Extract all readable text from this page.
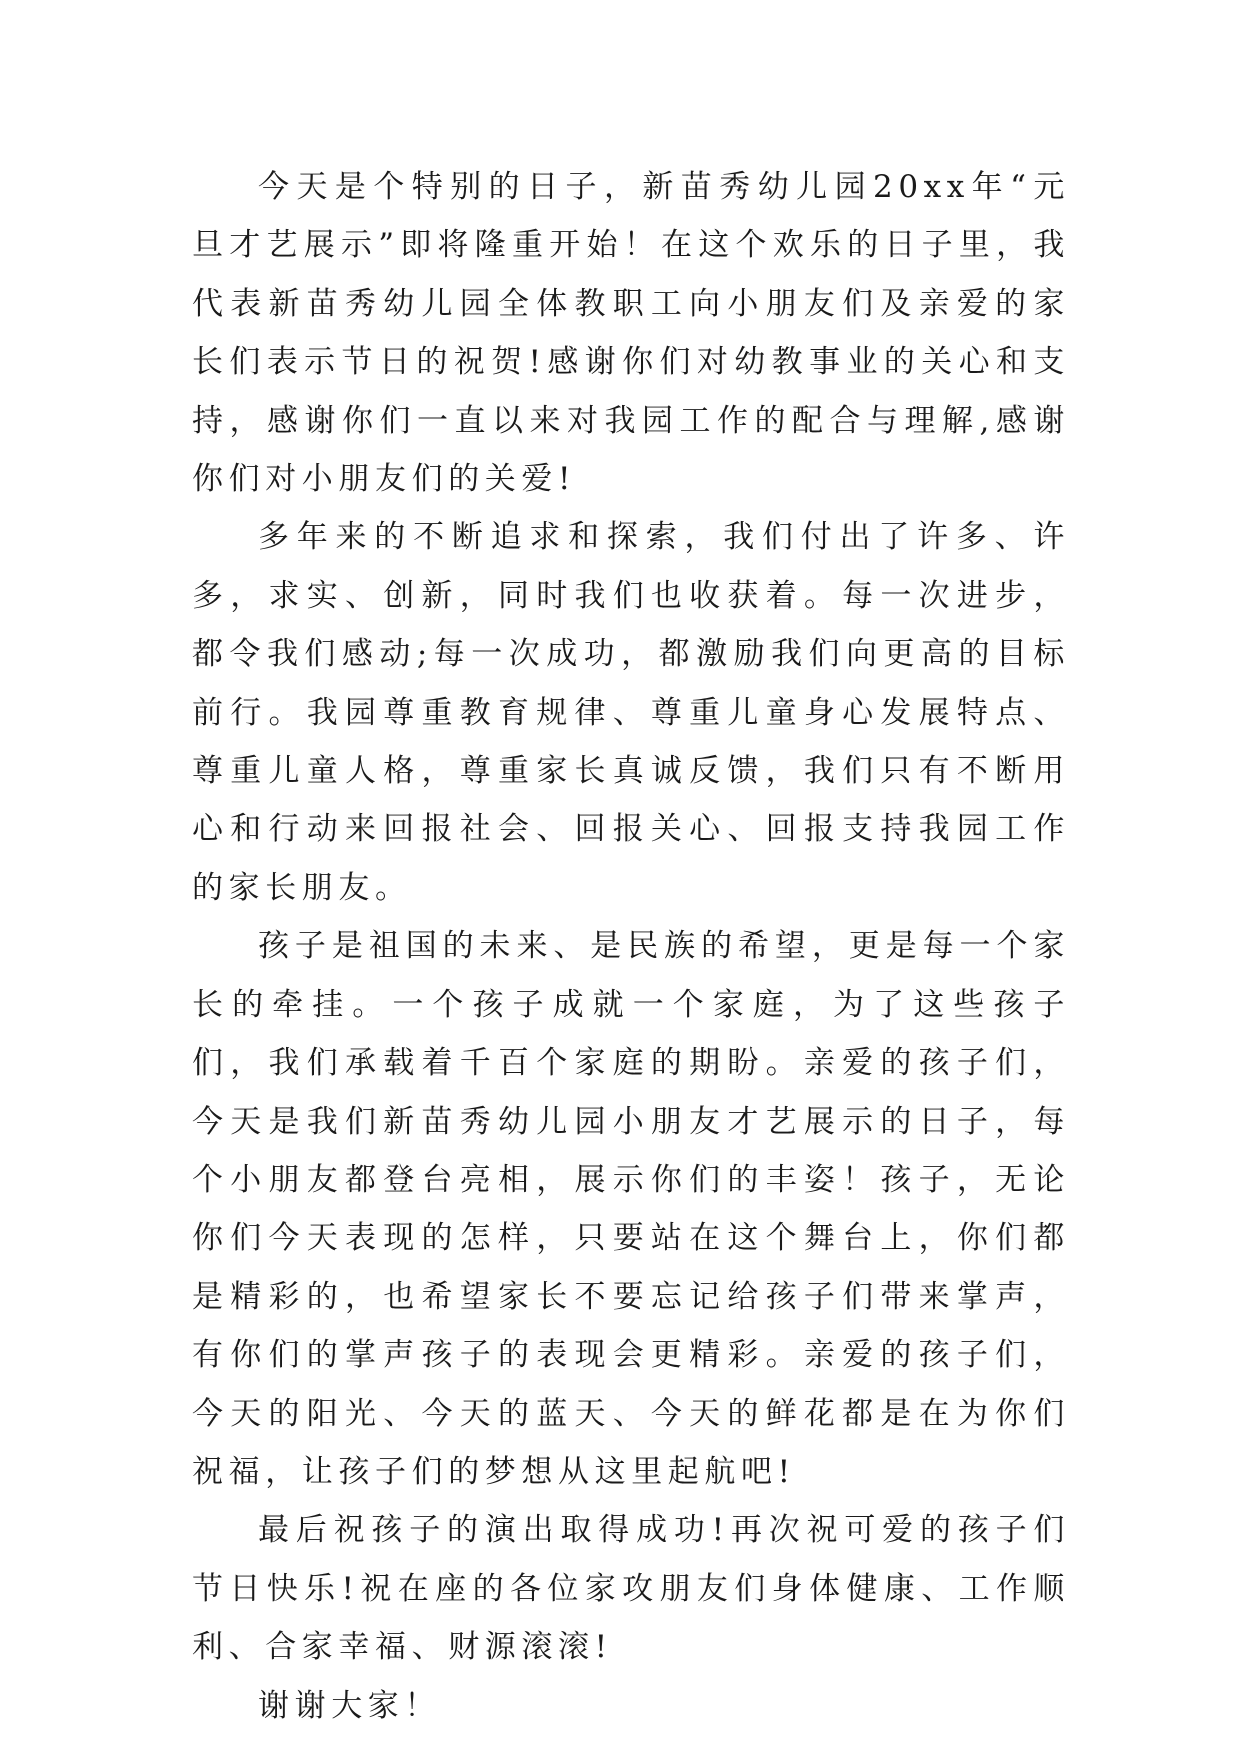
今天是个特别的日子，新苗秀幼儿园20xx年“元旦才艺展示”即将隆重开始！在这个欢乐的日子里，我代表新苗秀幼儿园全体教职工向小朋友们及亲爱的家长们表示节日的祝贺!感谢你们对幼教事业的关心和支持，感谢你们一直以来对我园工作的配合与理解,感谢你们对小朋友们的关爱!

多年来的不断追求和探索，我们付出了许多、许多，求实、创新，同时我们也收获着。每一次进步，都令我们感动;每一次成功，都激励我们向更高的目标前行。我园尊重教育规律、尊重儿童身心发展特点、尊重儿童人格，尊重家长真诚反馈，我们只有不断用心和行动来回报社会、回报关心、回报支持我园工作的家长朋友。

孩子是祖国的未来、是民族的希望，更是每一个家长的牵挂。一个孩子成就一个家庭，为了这些孩子们，我们承载着千百个家庭的期盼。亲爱的孩子们，今天是我们新苗秀幼儿园小朋友才艺展示的日子，每个小朋友都登台亮相，展示你们的丰姿！孩子，无论你们今天表现的怎样，只要站在这个舞台上，你们都是精彩的，也希望家长不要忘记给孩子们带来掌声，有你们的掌声孩子的表现会更精彩。亲爱的孩子们，今天的阳光、今天的蓝天、今天的鲜花都是在为你们祝福，让孩子们的梦想从这里起航吧!

最后祝孩子的演出取得成功!再次祝可爱的孩子们节日快乐!祝在座的各位家攻朋友们身体健康、工作顺利、合家幸福、财源滚滚!

谢谢大家！
